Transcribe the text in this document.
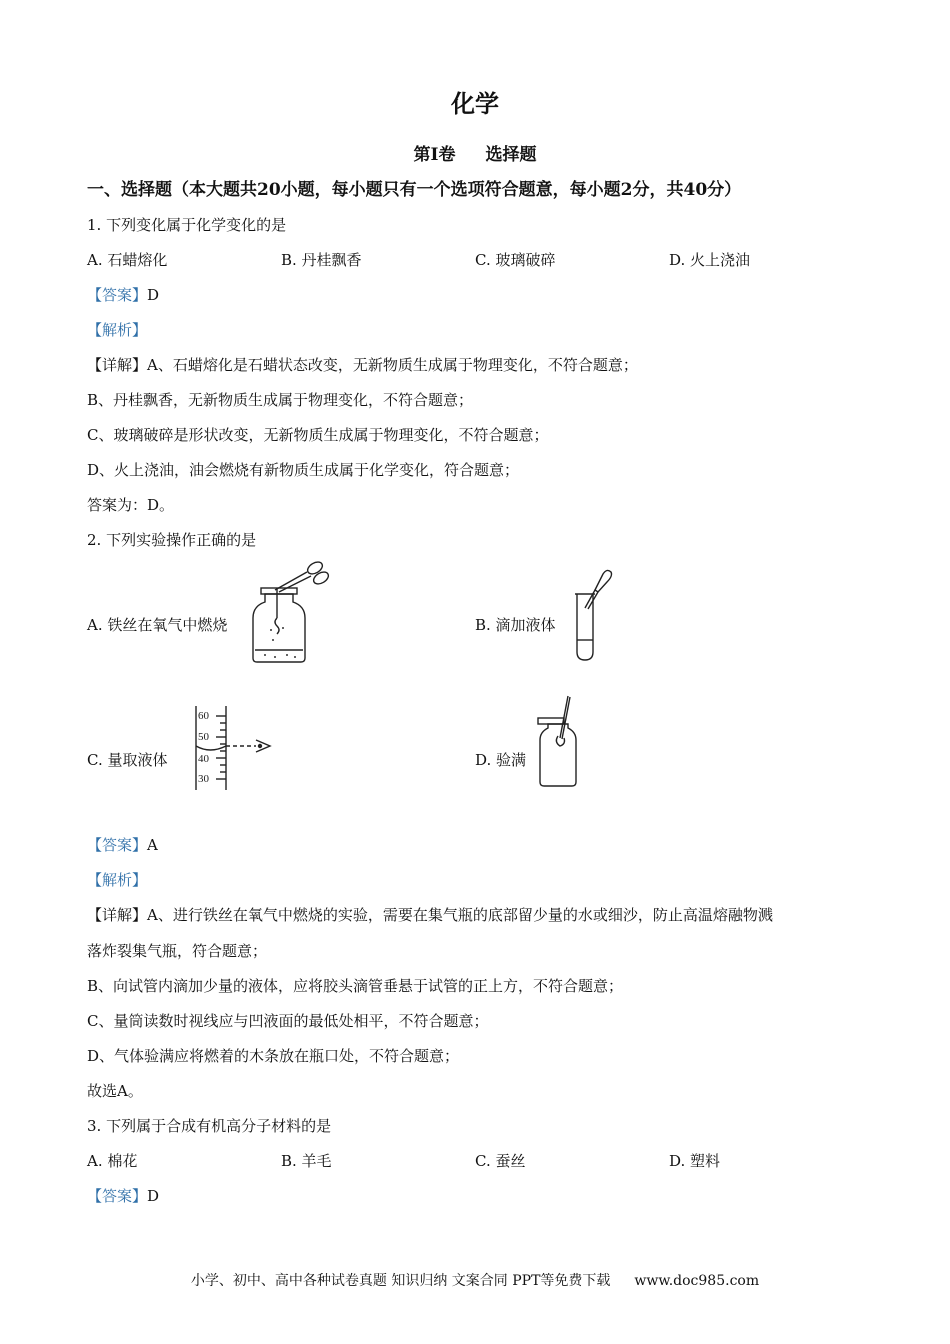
化学
第Ⅰ卷 选择题
一、选择题（本大题共20小题，每小题只有一个选项符合题意，每小题2分，共40分）
1. 下列变化属于化学变化的是
A. 石蜡熔化	B. 丹桂飘香	C. 玻璃破碎	D. 火上浇油
【答案】D
【解析】
【详解】A、石蜡熔化是石蜡状态改变，无新物质生成属于物理变化，不符合题意；
B、丹桂飘香，无新物质生成属于物理变化，不符合题意；
C、玻璃破碎是形状改变，无新物质生成属于物理变化，不符合题意；
D、火上浇油，油会燃烧有新物质生成属于化学变化，符合题意；
答案为：D。
2. 下列实验操作正确的是
A. 铁丝在氧气中燃烧	B. 滴加液体
C. 量取液体	D. 验满
60
50
40
30
【答案】A
【解析】
【详解】A、进行铁丝在氧气中燃烧的实验，需要在集气瓶的底部留少量的水或细沙，防止高温熔融物溅
落炸裂集气瓶，符合题意；
B、向试管内滴加少量的液体，应将胶头滴管垂悬于试管的正上方，不符合题意；
C、量筒读数时视线应与凹液面的最低处相平，不符合题意；
D、气体验满应将燃着的木条放在瓶口处，不符合题意；
故选A。
3. 下列属于合成有机高分子材料的是
A. 棉花	B. 羊毛	C. 蚕丝	D. 塑料
【答案】D
小学、初中、高中各种试卷真题 知识归纳 文案合同 PPT等免费下载 www.doc985.com
